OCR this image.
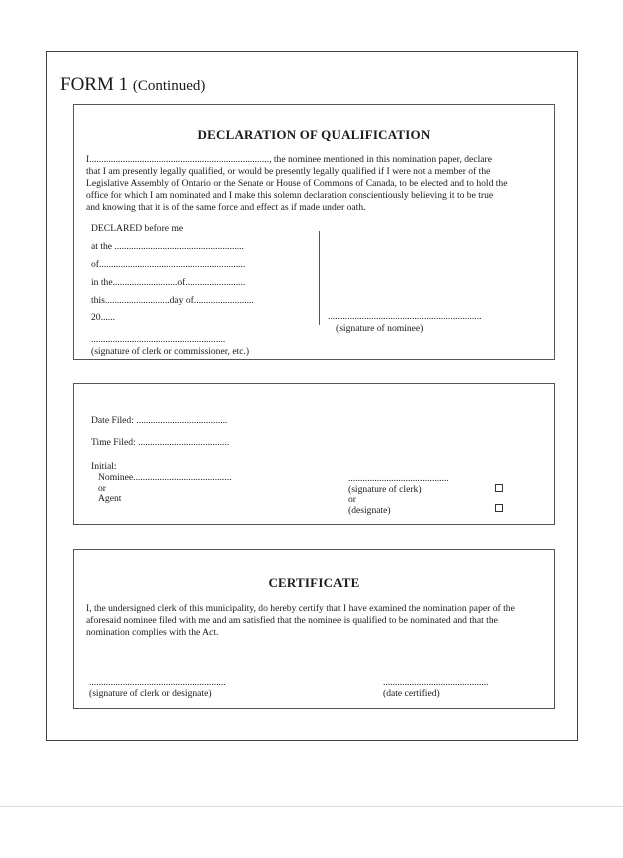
FORM 1 (Continued)
DECLARATION OF QUALIFICATION
I..........................................................................., the nominee mentioned in this nomination paper, declare
that I am presently legally qualified, or would be presently legally qualified if I were not a member of the
Legislative Assembly of Ontario or the Senate or House of Commons of Canada, to be elected and to hold the
office for which I am nominated and I make this solemn declaration conscientiously believing it to be true
and knowing that it is of the same force and effect as if made under oath.
DECLARED before me
at the ......................................................
of.............................................................
in the...........................of.........................
this...........................day of.........................
20......	................................................................
(signature of nominee)
........................................................
(signature of clerk or commissioner, etc.)
Date Filed: ......................................
Time Filed: ......................................
Initial:
Nominee.........................................
or
Agent
..........................................
(signature of clerk)
or
(designate)
CERTIFICATE
I, the undersigned clerk of this municipality, do hereby certify that I have examined the nomination paper of the
aforesaid nominee filed with me and am satisfied that the nominee is qualified to be nominated and that the
nomination complies with the Act.
.........................................................
(signature of clerk or designate)
............................................
(date certified)
